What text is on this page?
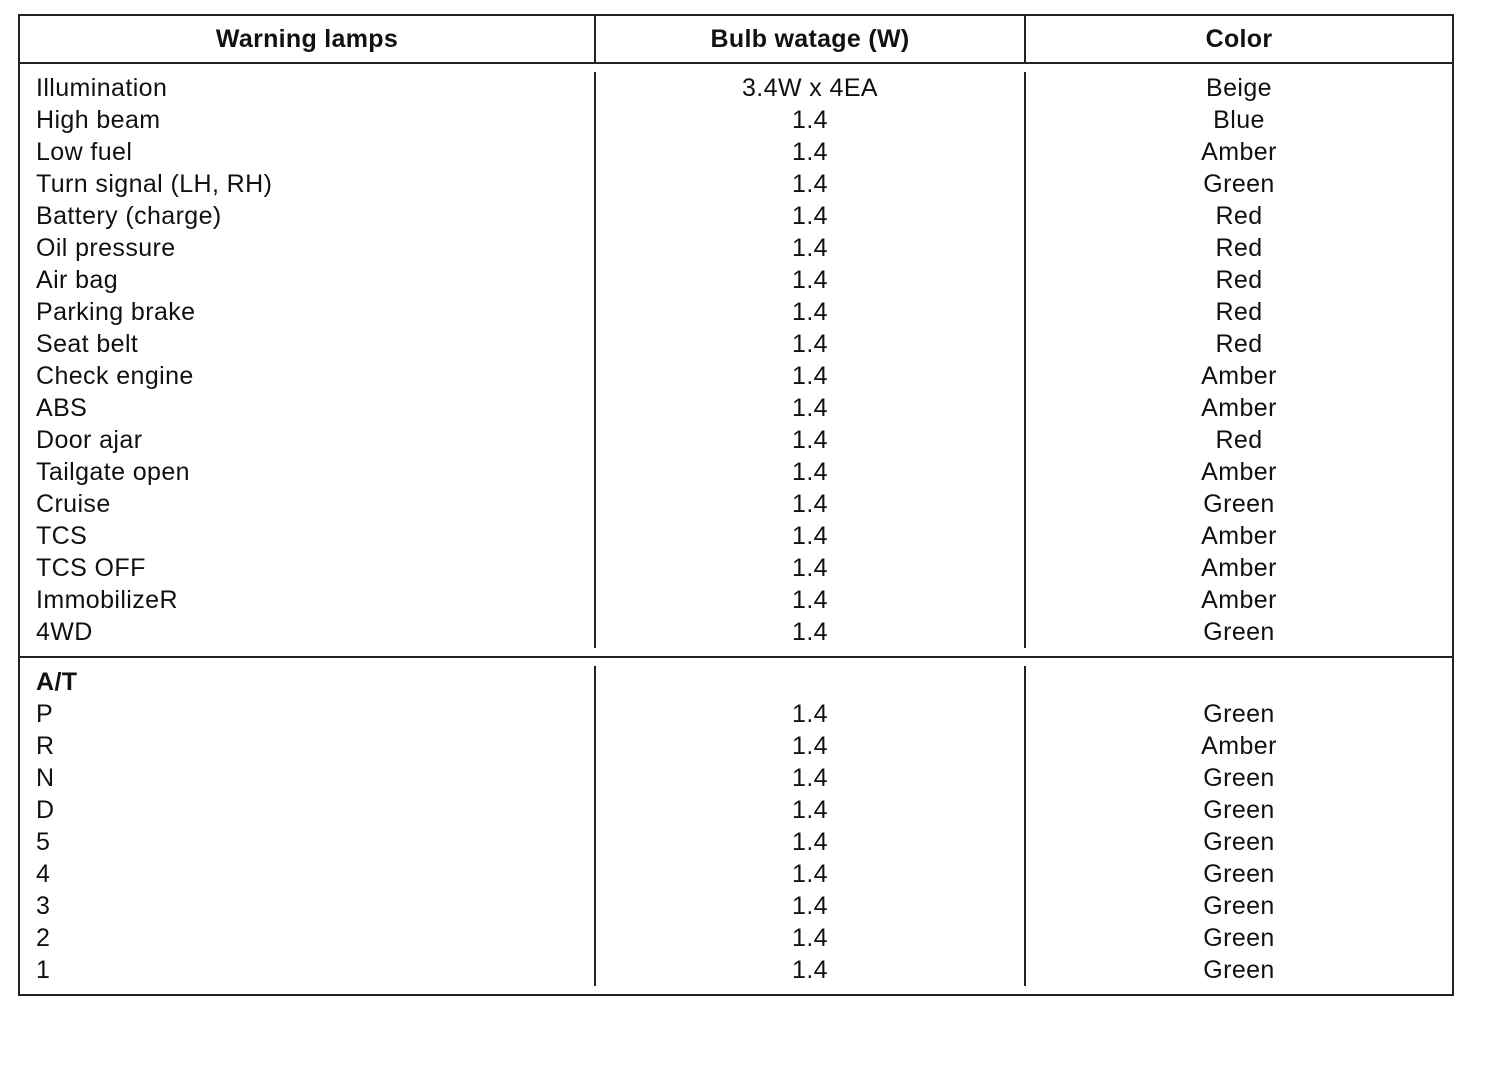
Warning lamps	Bulb watage (W)	Color
Illumination
High beam
Low fuel
Turn signal (LH, RH)
Battery (charge)
Oil pressure
Air bag
Parking brake
Seat belt
Check engine
ABS
Door ajar
Tailgate open
Cruise
TCS
TCS OFF
ImmobilizeR
4WD
3.4W x 4EA
1.4
1.4
1.4
1.4
1.4
1.4
1.4
1.4
1.4
1.4
1.4
1.4
1.4
1.4
1.4
1.4
1.4
Beige
Blue
Amber
Green
Red
Red
Red
Red
Red
Amber
Amber
Red
Amber
Green
Amber
Amber
Amber
Green
A/T
P
R
N
D
5
4
3
2
1
1.4
1.4
1.4
1.4
1.4
1.4
1.4
1.4
1.4
Green
Amber
Green
Green
Green
Green
Green
Green
Green
